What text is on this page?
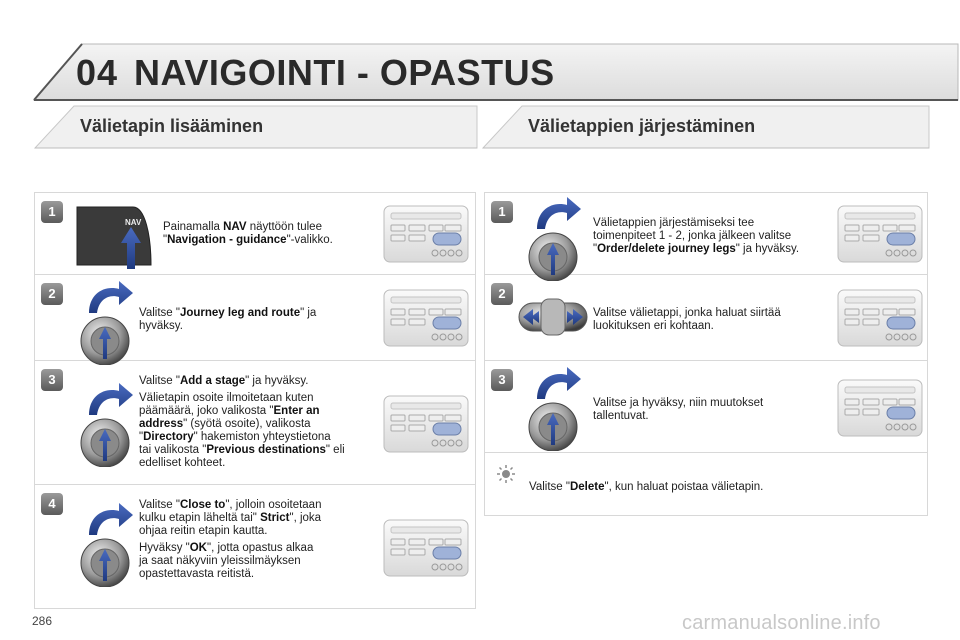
04 NAVIGOINTI - OPASTUS
Välietapin lisääminen	Välietappien järjestäminen
1
NAV Painamalla NAV näyttöön tulee
"Navigation - guidance"-valikko.

2

Valitse "Journey leg and route" ja
hyväksy.

3	Valitse "Add a stage" ja hyväksy.

Välietapin osoite ilmoitetaan kuten
päämäärä, joko valikosta "Enter an
address" (syötä osoite), valikosta
"Directory" hakemiston yhteystietona
tai valikosta "Previous destinations" eli
edelliset kohteet.

4	Valitse "Close to", jolloin osoitetaan
kulku etapin läheltä tai" Strict", joka
ohjaa reitin etapin kautta.

Hyväksy "OK", jotta opastus alkaa
ja saat näkyviin yleissilmäyksen
opastettavasta reitistä.

1

Välietappien järjestämiseksi tee
toimenpiteet 1 - 2, jonka jälkeen valitse
"Order/delete journey legs" ja hyväksy.

2

Valitse välietappi, jonka haluat siirtää
luokituksen eri kohtaan.

3

Valitse ja hyväksy, niin muutokset
tallentuvat.

Valitse "Delete", kun haluat poistaa välietapin.

286	carmanualsonline.info
